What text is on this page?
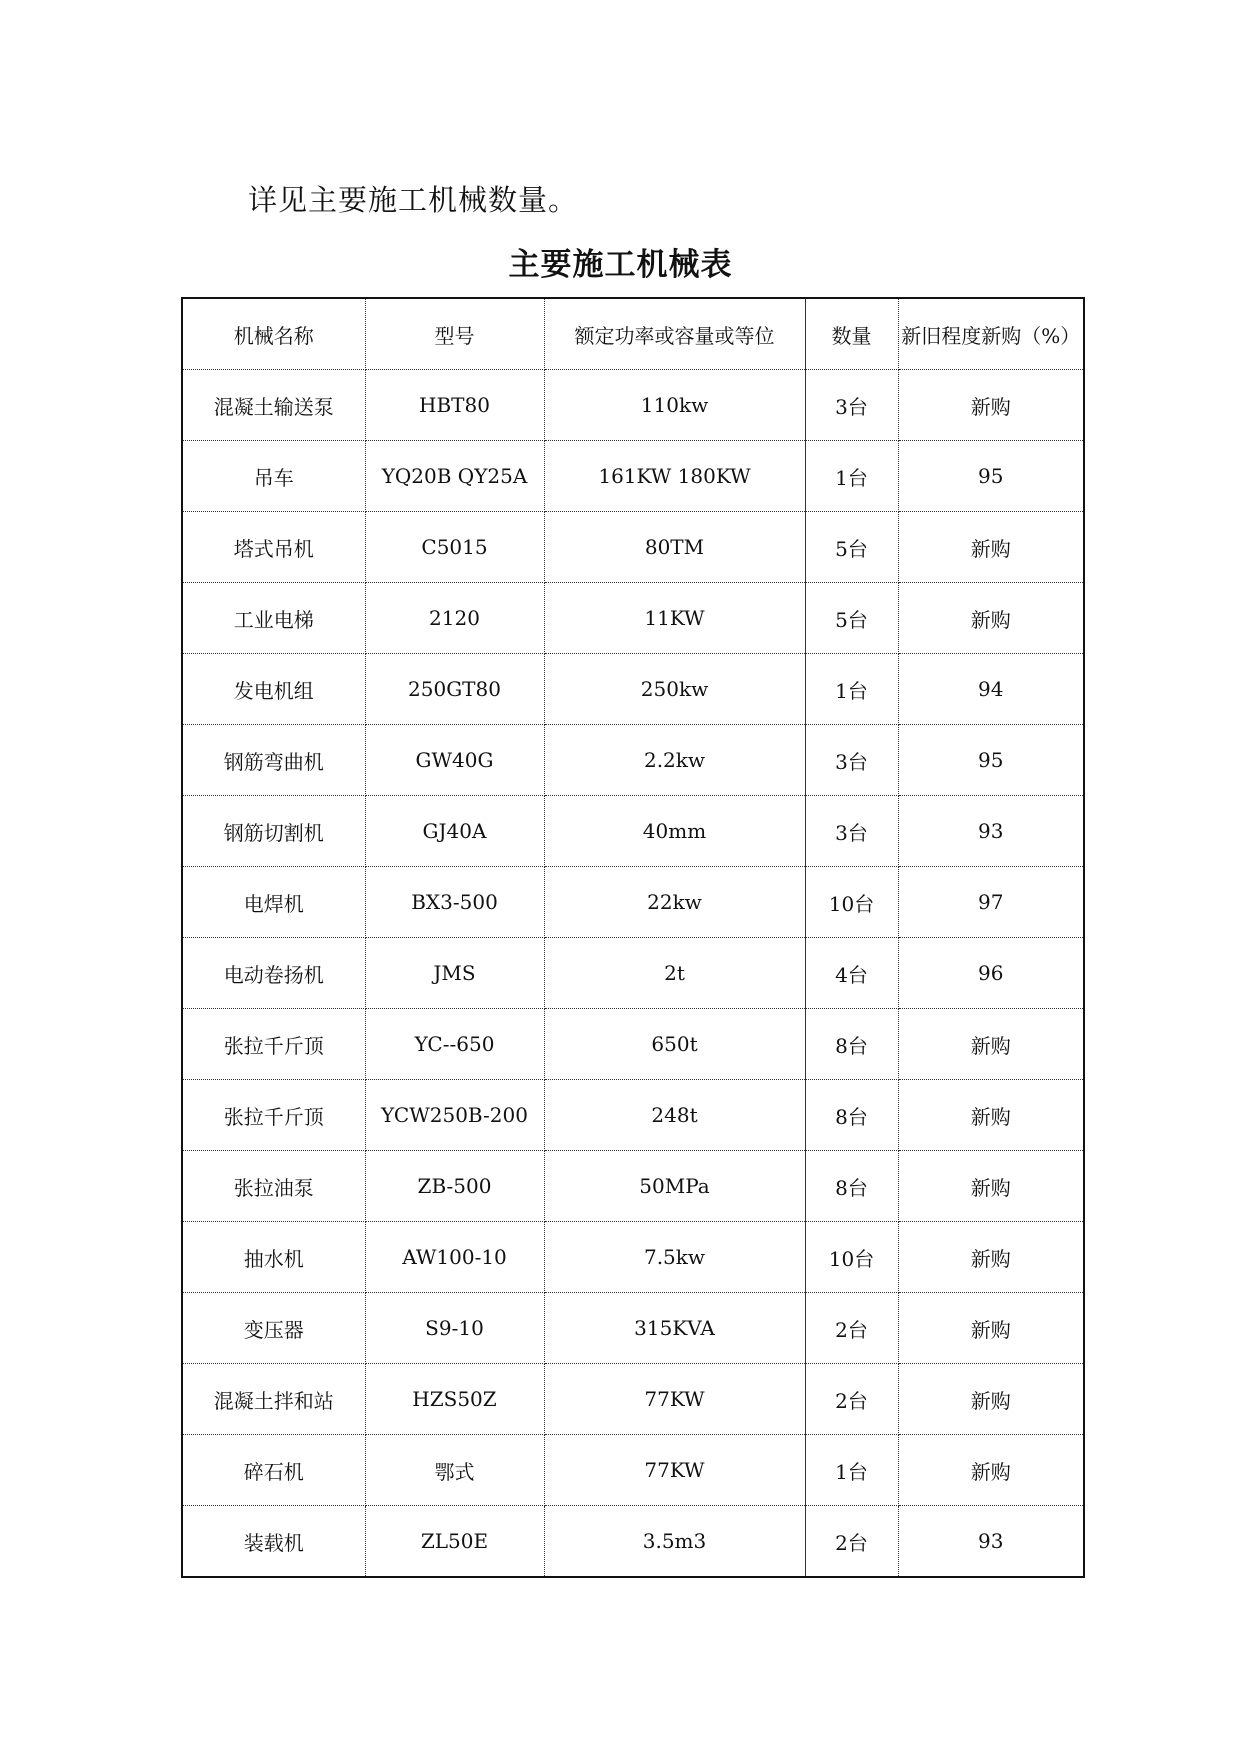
详见主要施工机械数量。
主要施工机械表
机械名称	型号	额定功率或容量或等位	数量	新旧程度新购（%）
混凝土输送泵	HBT80	110kw	3台	新购
吊车	YQ20B QY25A	161KW 180KW	1台	95
塔式吊机	C5015	80TM	5台	新购
工业电梯	2120	11KW	5台	新购
发电机组	250GT80	250kw	1台	94
钢筋弯曲机	GW40G	2.2kw	3台	95
钢筋切割机	GJ40A	40mm	3台	93
电焊机	BX3-500	22kw	10台	97
电动卷扬机	JMS	2t	4台	96
张拉千斤顶	YC--650	650t	8台	新购
张拉千斤顶	YCW250B-200	248t	8台	新购
张拉油泵	ZB-500	50MPa	8台	新购
抽水机	AW100-10	7.5kw	10台	新购
变压器	S9-10	315KVA	2台	新购
混凝土拌和站	HZS50Z	77KW	2台	新购
碎石机	鄂式	77KW	1台	新购
装载机	ZL50E	3.5m3	2台	93
